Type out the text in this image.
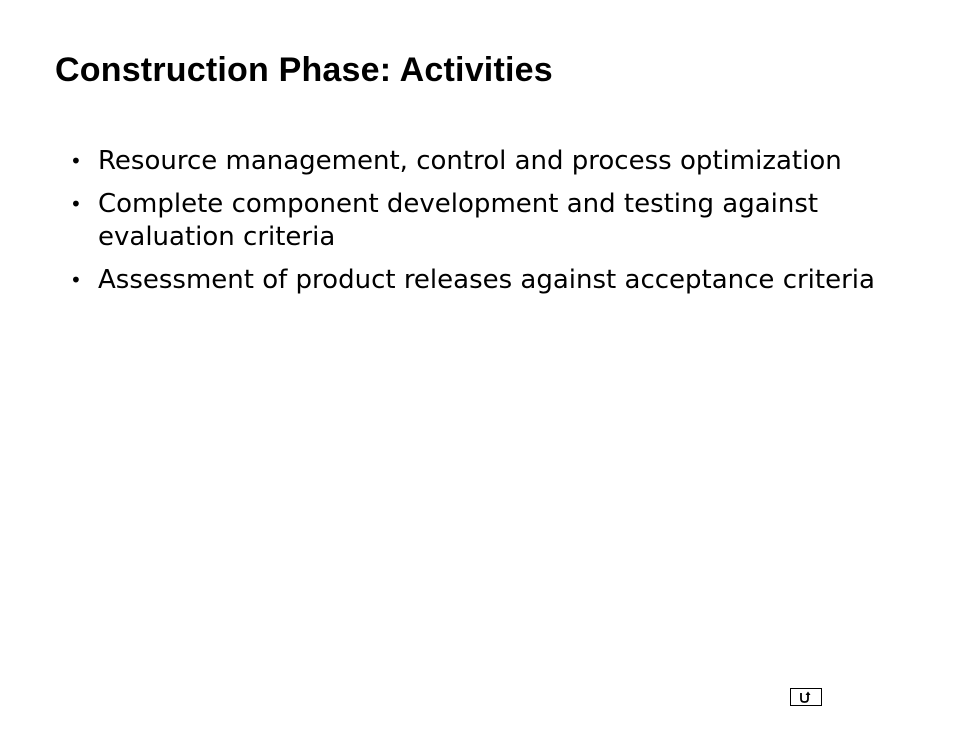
Construction Phase: Activities
• Resource management, control and process optimization
• Complete component development and testing against evaluation criteria
• Assessment of product releases against acceptance criteria
